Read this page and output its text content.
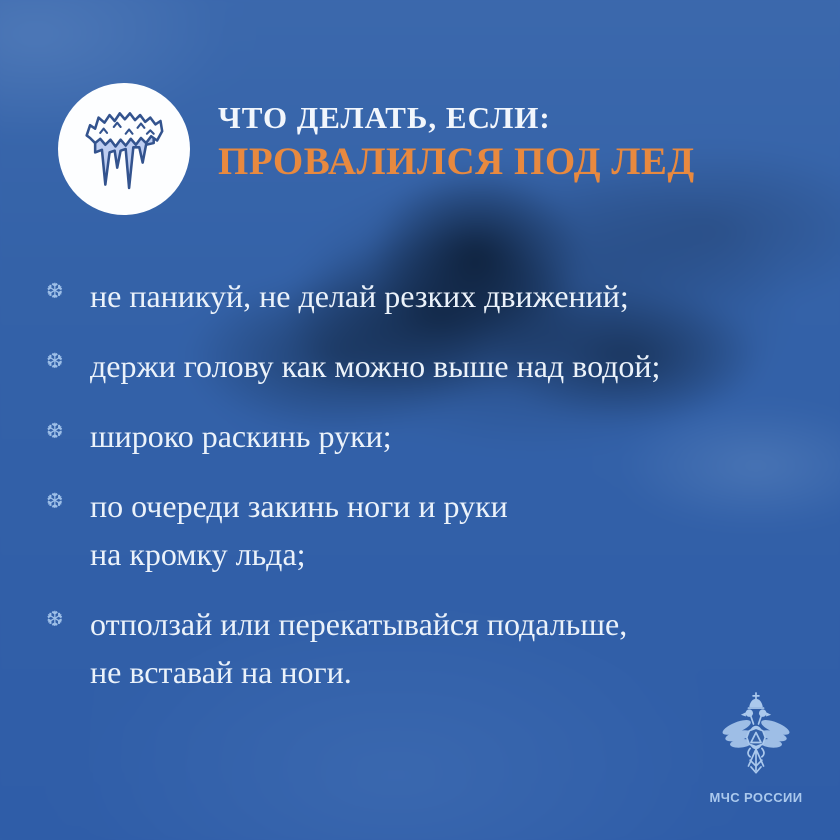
ЧТО ДЕЛАТЬ, ЕСЛИ:
ПРОВАЛИЛСЯ ПОД ЛЕД
❆ не паникуй, не делай резких движений;
❆ держи голову как можно выше над водой;
❆ широко раскинь руки;
❆ по очереди закинь ноги и руки
на кромку льда;
❆ отползай или перекатывайся подальше,
не вставай на ноги.
МЧС РОССИИ
